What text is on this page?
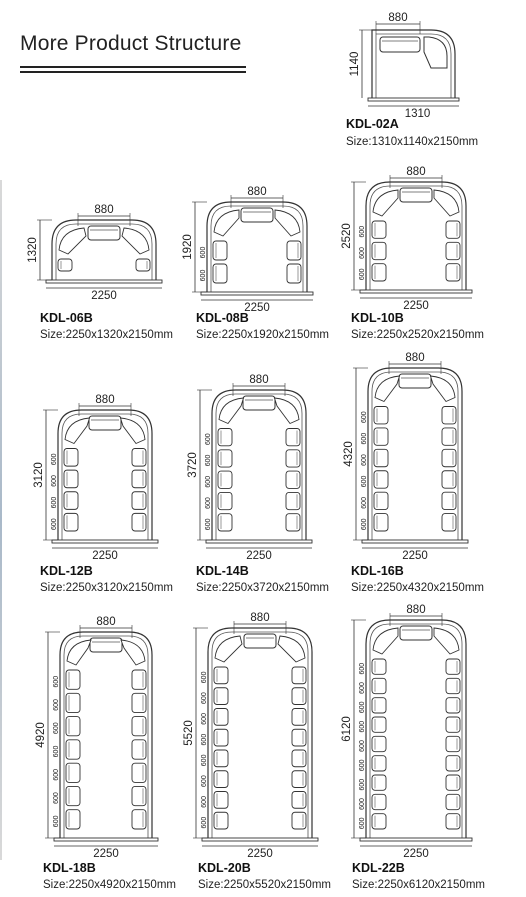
More Product Structure
880
1140
1310
880
1320
2250
600
600
880
1920
2250
600
600
600
880
2520
2250
600
600
600
600
880
3120
2250
600
600
600
600
600
880
3720
2250
600
600
600
600
600
600
880
4320
2250
600
600
600
600
600
600
600
880
4920
2250
600
600
600
600
600
600
600
600
880
5520
2250
600
600
600
600
600
600
600
600
600
880
6120
2250
KDL-02A
Size:1310x1140x2150mm
KDL-06B
Size:2250x1320x2150mm
KDL-08B
Size:2250x1920x2150mm
KDL-10B
Size:2250x2520x2150mm
KDL-12B
Size:2250x3120x2150mm
KDL-14B
Size:2250x3720x2150mm
KDL-16B
Size:2250x4320x2150mm
KDL-18B
Size:2250x4920x2150mm
KDL-20B
Size:2250x5520x2150mm
KDL-22B
Size:2250x6120x2150mm
